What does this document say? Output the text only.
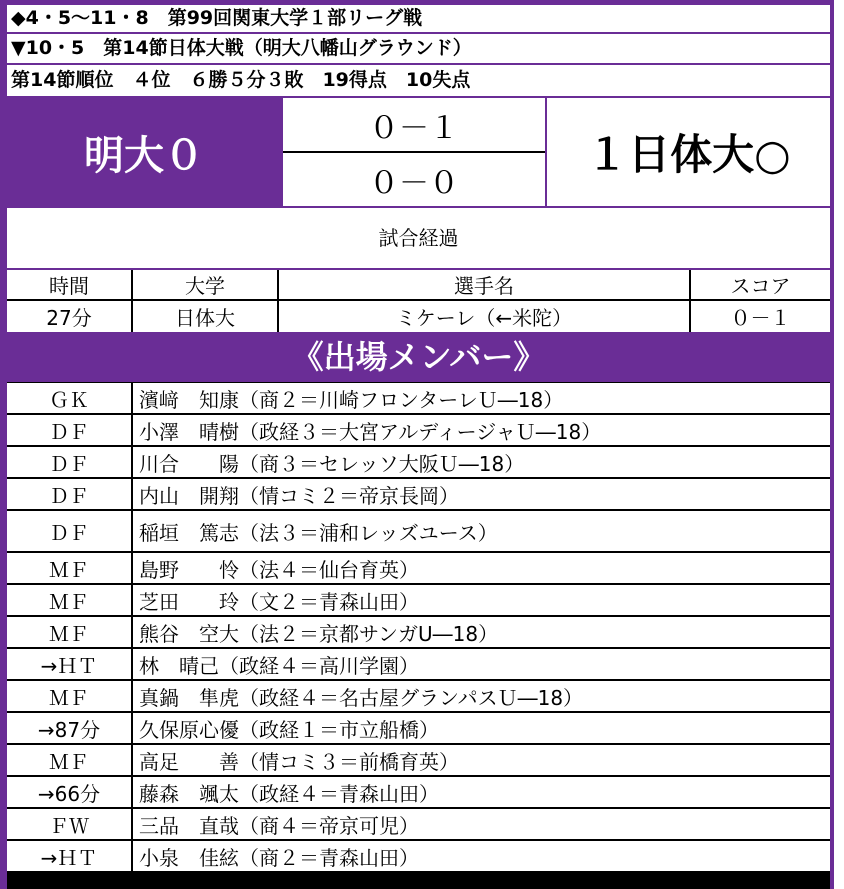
◆4・5～11・8　第99回関東大学１部リーグ戦
▼10・5　第14節日体大戦（明大八幡山グラウンド）
第14節順位　４位　６勝５分３敗　19得点　10失点
明大０
０－１
０－０
１日体大○
試合経過
時間	大学	選手名	スコア
27分	日体大	ミケーレ（←米陀）	０－１
《出場メンバー》
ＧＫ	濱﨑　知康（商２＝川崎フロンターレＵ―18）
ＤＦ	小澤　晴樹（政経３＝大宮アルディージャＵ―18）
ＤＦ	川合　　陽（商３＝セレッソ大阪Ｕ―18）
ＤＦ	内山　開翔（情コミ２＝帝京長岡）
ＤＦ	稲垣　篤志（法３＝浦和レッズユース）
ＭＦ	島野　　怜（法４＝仙台育英）
ＭＦ	芝田　　玲（文２＝青森山田）
ＭＦ	熊谷　空大（法２＝京都サンガU―18）
→ＨＴ	林　晴己（政経４＝高川学園）
ＭＦ	真鍋　隼虎（政経４＝名古屋グランパスＵ―18）
→87分	久保原心優（政経１＝市立船橋）
ＭＦ	高足　　善（情コミ３＝前橋育英）
→66分	藤森　颯太（政経４＝青森山田）
ＦＷ	三品　直哉（商４＝帝京可児）
→ＨＴ	小泉　佳絃（商２＝青森山田）
